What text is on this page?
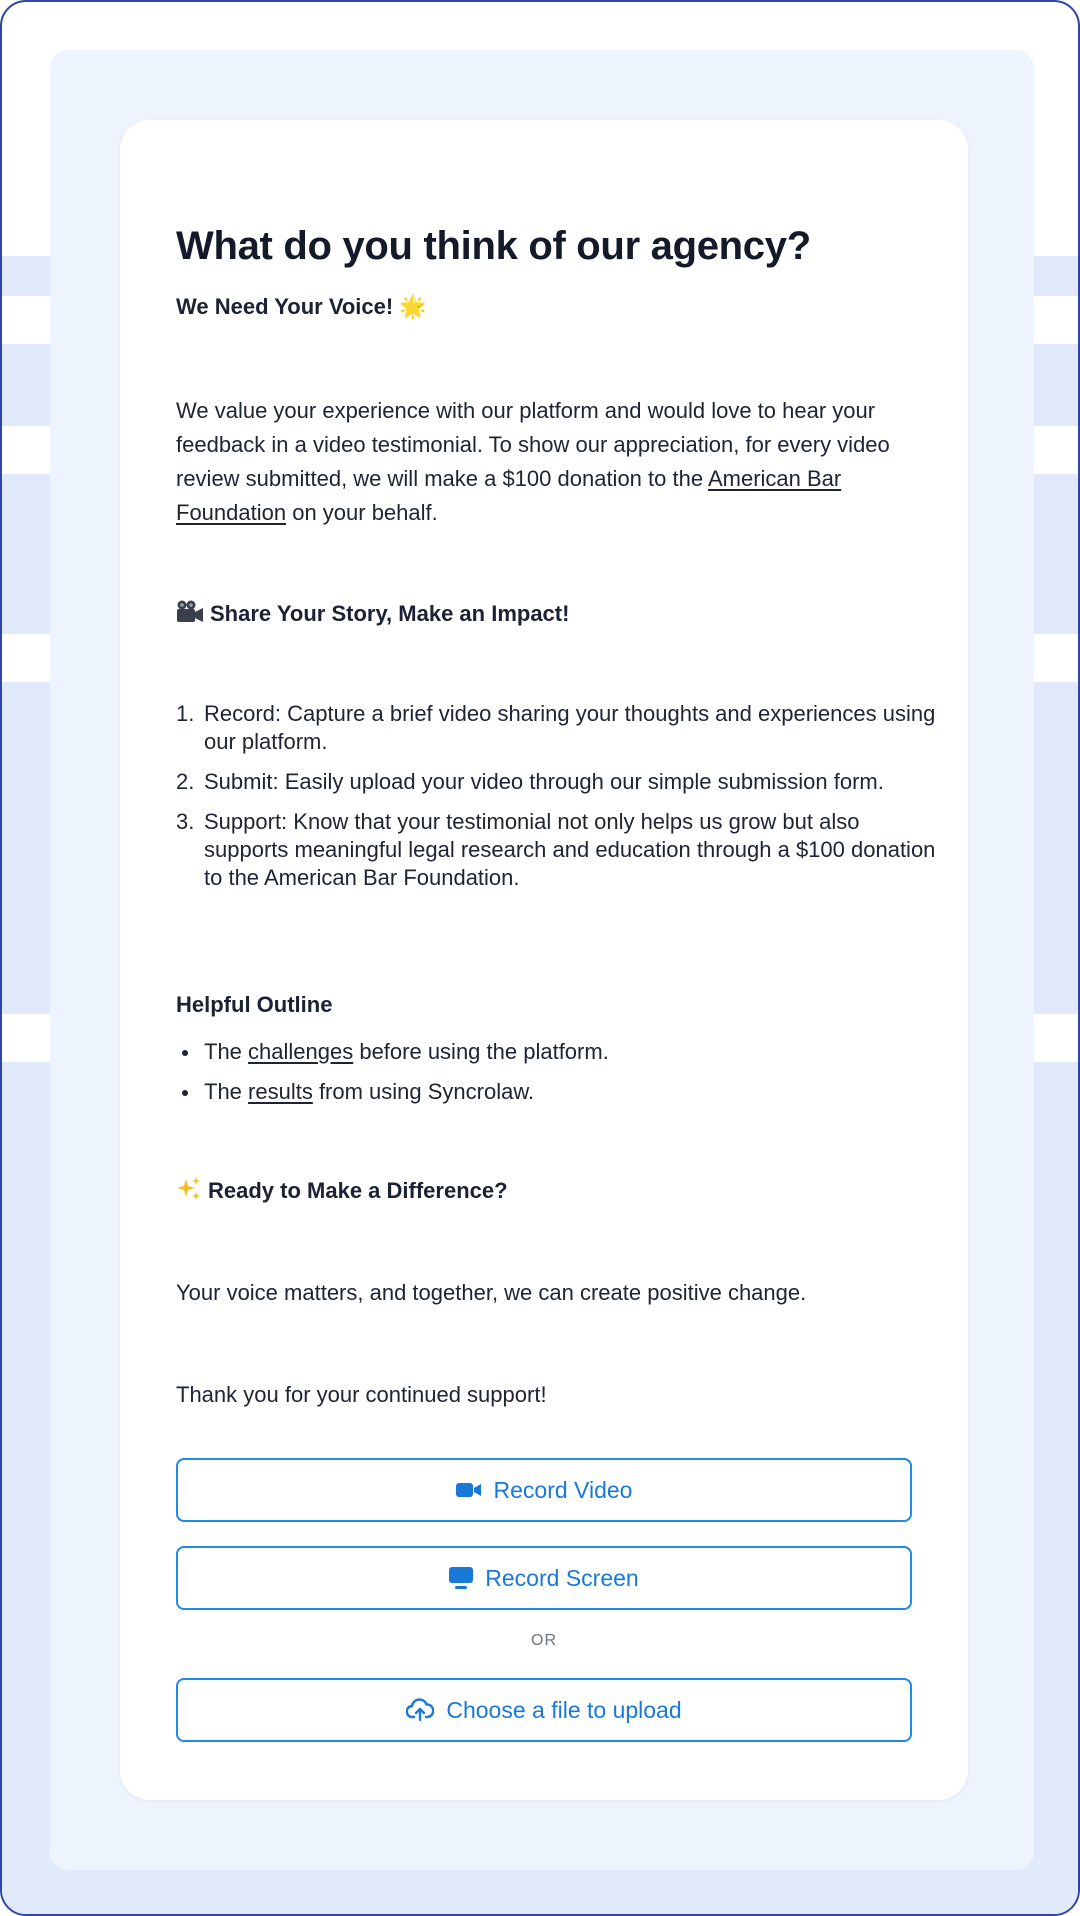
What do you think of our agency?
We Need Your Voice! 🌟

We value your experience with our platform and would love to hear your feedback in a video testimonial. To show our appreciation, for every video review submitted, we will make a $100 donation to the American Bar Foundation on your behalf.

Share Your Story, Make an Impact!
1. Record: Capture a brief video sharing your thoughts and experiences using our platform.
2. Submit: Easily upload your video through our simple submission form.
3. Support: Know that your testimonial not only helps us grow but also supports meaningful legal research and education through a $100 donation to the American Bar Foundation.
Helpful Outline
The challenges before using the platform.
The results from using Syncrolaw.
Ready to Make a Difference?

Your voice matters, and together, we can create positive change.

Thank you for your continued support!

Record Video
Record Screen
OR
Choose a file to upload
